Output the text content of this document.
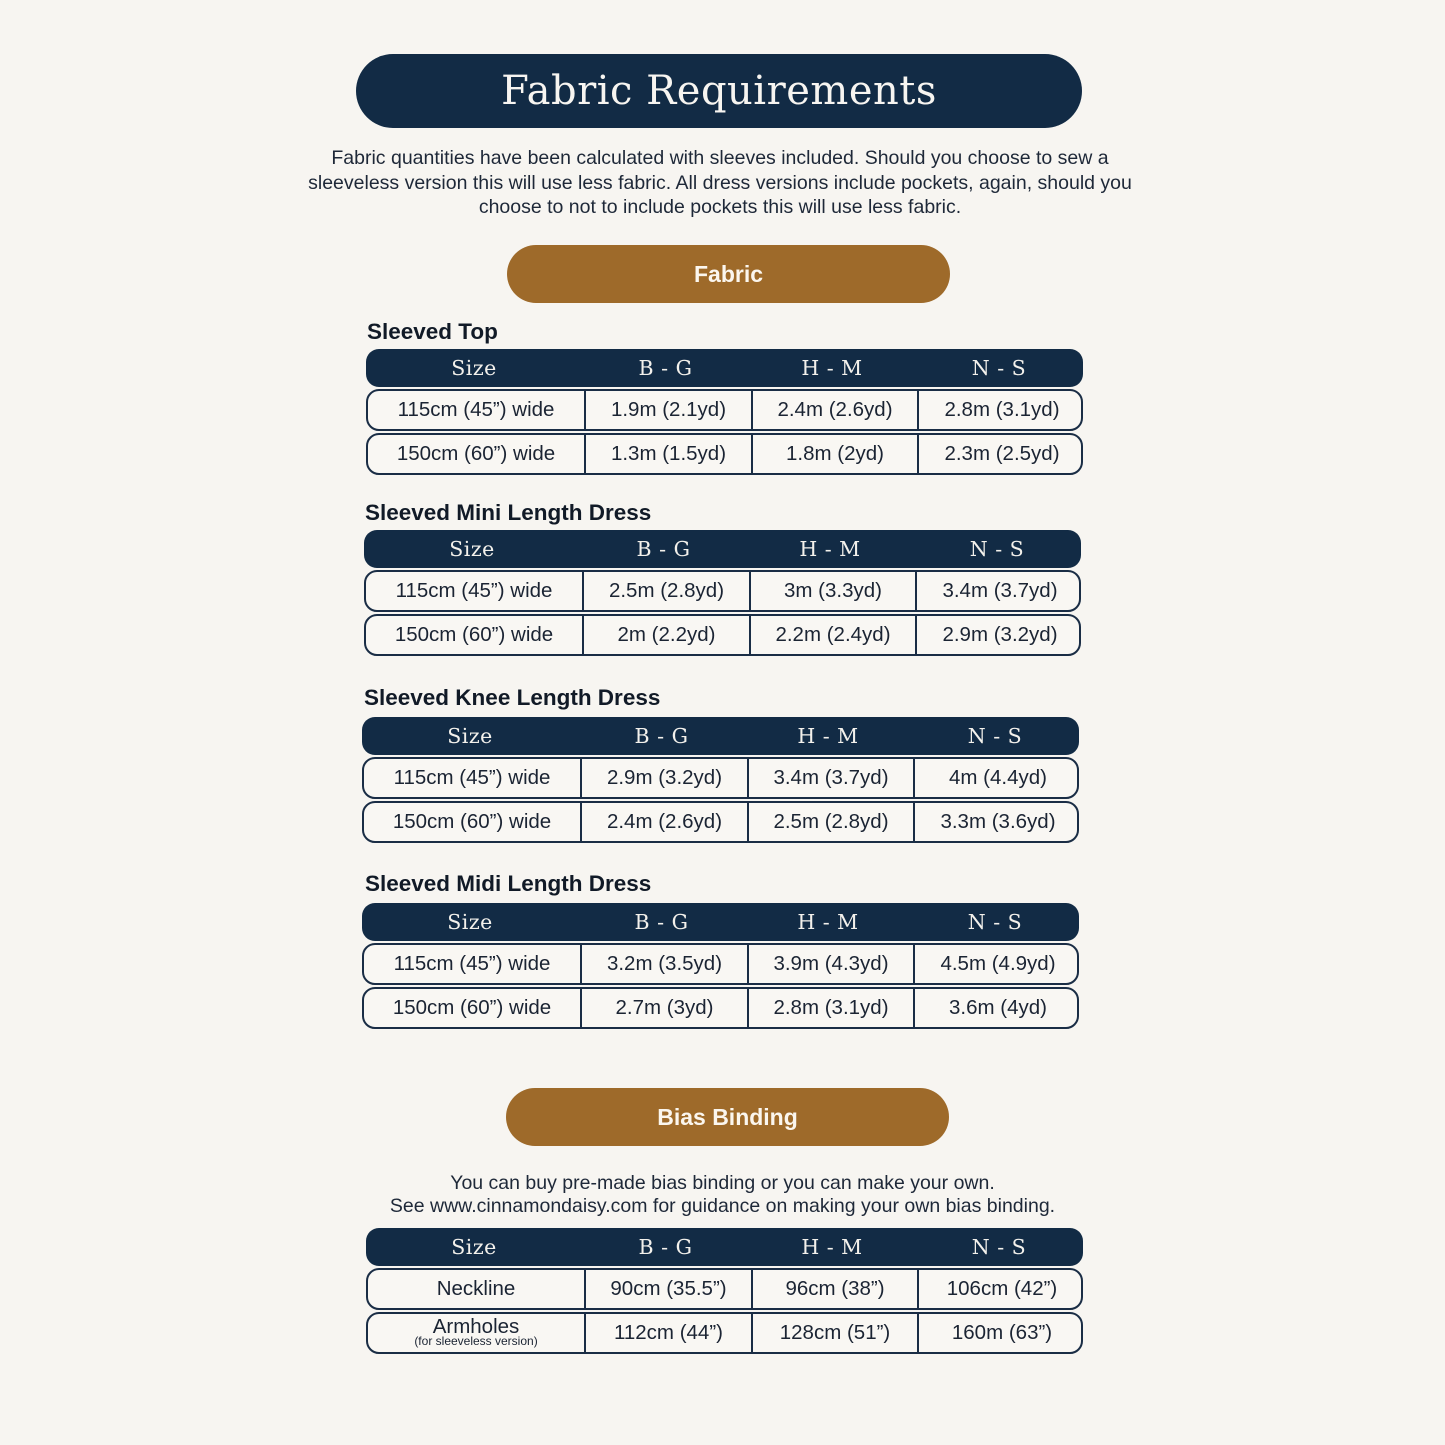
Fabric Requirements
Fabric quantities have been calculated with sleeves included. Should you choose to sew a sleeveless version this will use less fabric. All dress versions include pockets, again, should you choose to not to include pockets this will use less fabric.
Fabric
Sleeved Top
Size	B - G	H - M	N - S
115cm (45”) wide	1.9m (2.1yd)	2.4m (2.6yd)	2.8m (3.1yd)
150cm (60”) wide	1.3m (1.5yd)	1.8m (2yd)	2.3m (2.5yd)
Sleeved Mini Length Dress
Size	B - G	H - M	N - S
115cm (45”) wide	2.5m (2.8yd)	3m (3.3yd)	3.4m (3.7yd)
150cm (60”) wide	2m (2.2yd)	2.2m (2.4yd)	2.9m (3.2yd)
Sleeved Knee Length Dress
Size	B - G	H - M	N - S
115cm (45”) wide	2.9m (3.2yd)	3.4m (3.7yd)	4m (4.4yd)
150cm (60”) wide	2.4m (2.6yd)	2.5m (2.8yd)	3.3m (3.6yd)
Sleeved Midi Length Dress
Size	B - G	H - M	N - S
115cm (45”) wide	3.2m (3.5yd)	3.9m (4.3yd)	4.5m (4.9yd)
150cm (60”) wide	2.7m (3yd)	2.8m (3.1yd)	3.6m (4yd)
Bias Binding
You can buy pre-made bias binding or you can make your own.
See www.cinnamondaisy.com for guidance on making your own bias binding.
Size	B - G	H - M	N - S
Neckline	90cm (35.5”)	96cm (38”)	106cm (42”)
Armholes
(for sleeveless version)	112cm (44”)	128cm (51”)	160m (63”)
